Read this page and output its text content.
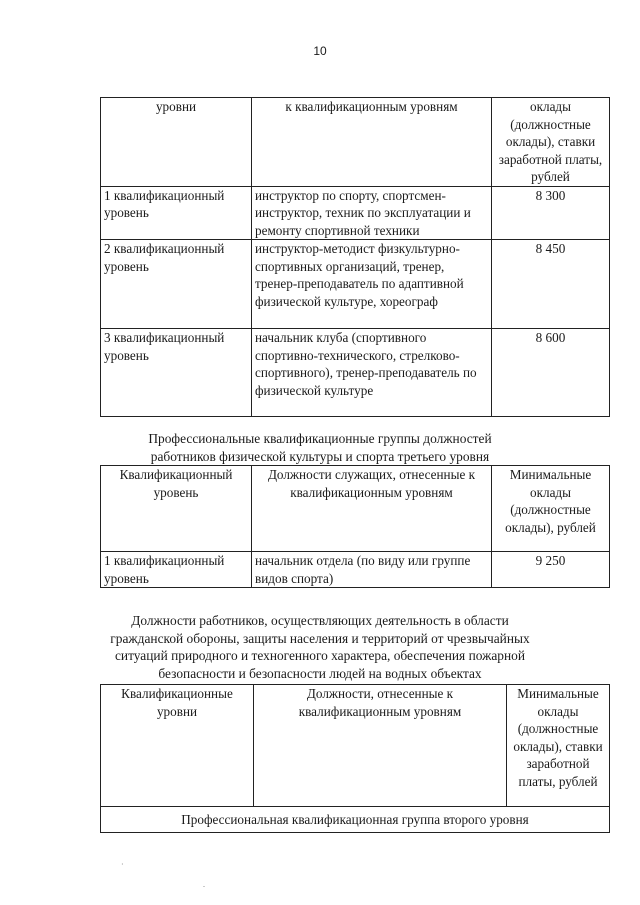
10
уровни	к квалификационным уровням	оклады (должностные оклады), ставки заработной платы, рублей
1 квалификационный уровень	инструктор по спорту, спортсмен-инструктор, техник по эксплуатации и ремонту спортивной техники	8 300
2 квалификационный уровень	инструктор-методист физкультурно-спортивных организаций, тренер, тренер-преподаватель по адаптивной физической культуре, хореограф	8 450
3 квалификационный уровень	начальник клуба (спортивного спортивно-технического, стрелково-спортивного), тренер-преподаватель по физической культуре	8 600
Профессиональные квалификационные группы должностей
работников физической культуры и спорта третьего уровня
Квалификационный уровень	Должности служащих, отнесенные к квалификационным уровням	Минимальные оклады (должностные оклады), рублей
1 квалификационный уровень	начальник отдела (по виду или группе видов спорта)	9 250
Должности работников, осуществляющих деятельность в области
гражданской обороны, защиты населения и территорий от чрезвычайных
ситуаций природного и техногенного характера, обеспечения пожарной
безопасности и безопасности людей на водных объектах
Квалификационные уровни	Должности, отнесенные к квалификационным уровням	Минимальные оклады (должностные оклады), ставки заработной платы, рублей
Профессиональная квалификационная группа второго уровня
·
.
